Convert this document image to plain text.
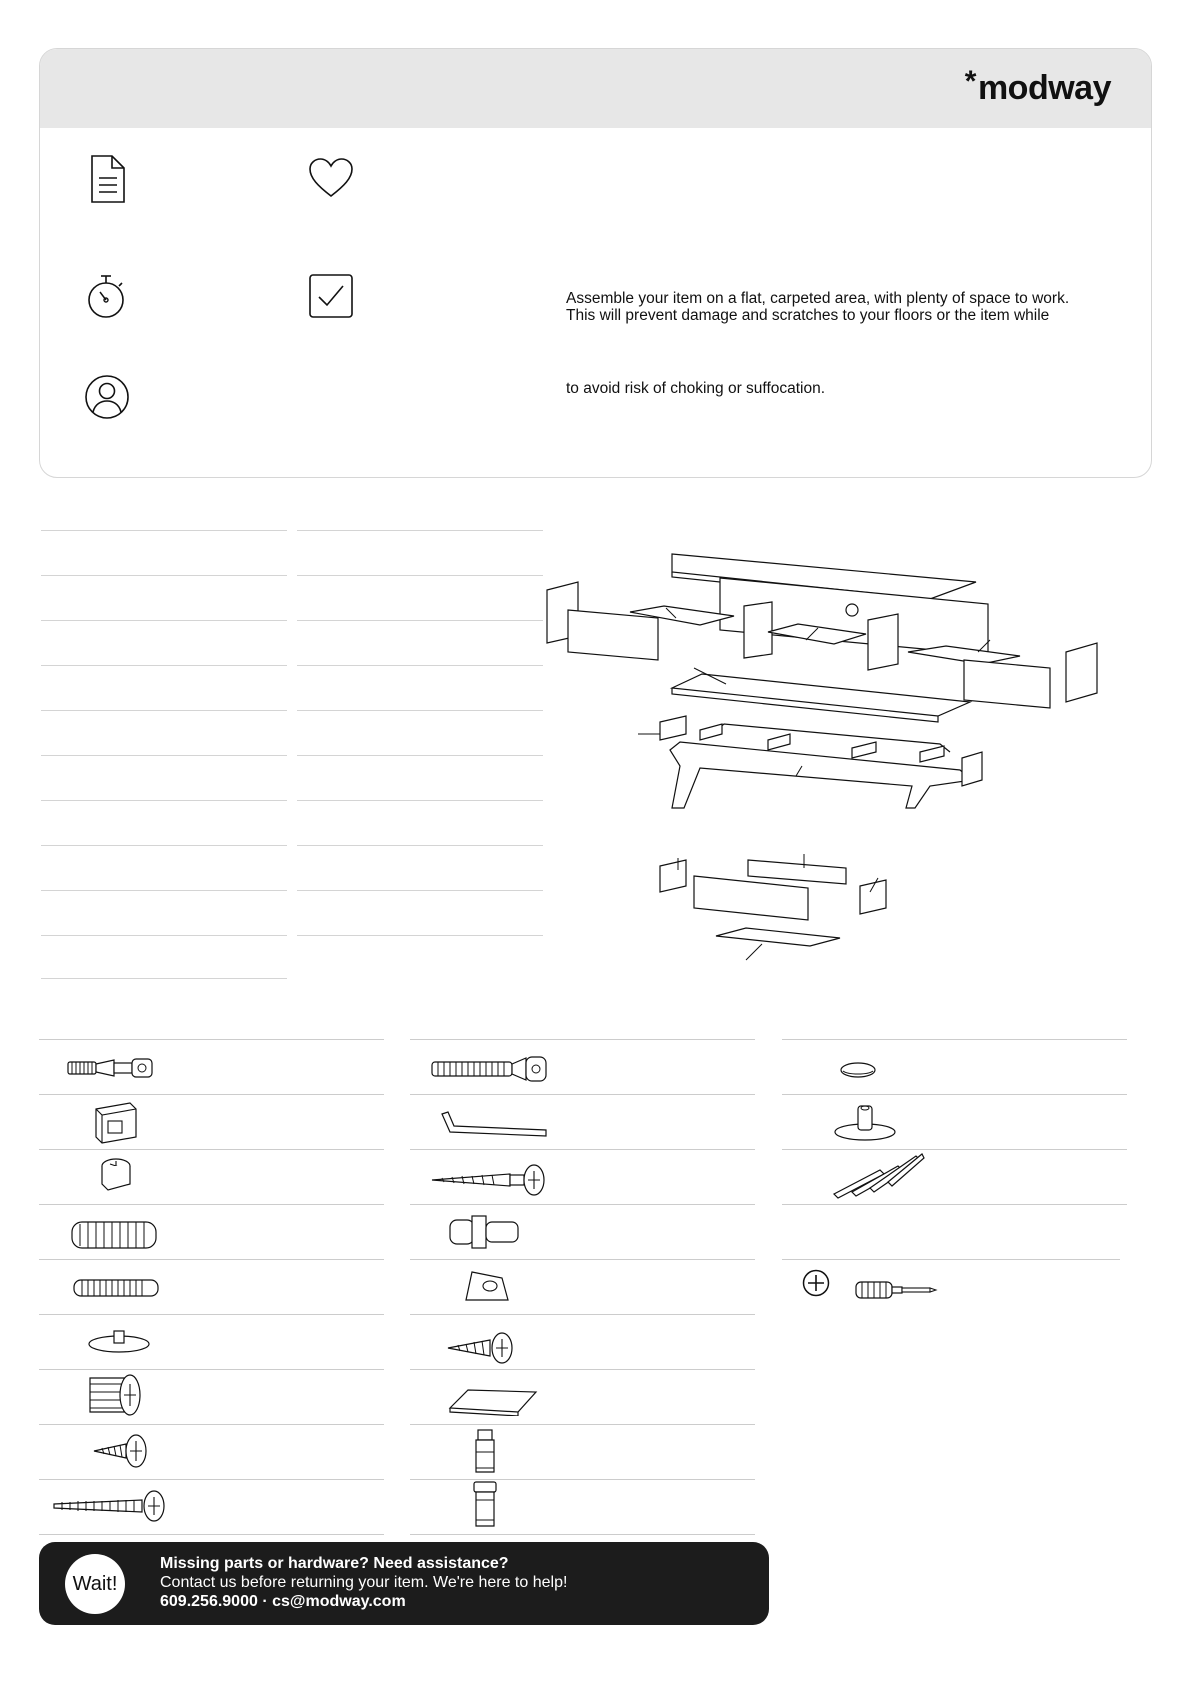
*modway
Assemble your item on a flat, carpeted area, with plenty of space to work.
This will prevent damage and scratches to your floors or the item while
to avoid risk of choking or suffocation.
Wait!
Missing parts or hardware? Need assistance?
Contact us before returning your item. We're here to help!
609.256.9000 · cs@modway.com
